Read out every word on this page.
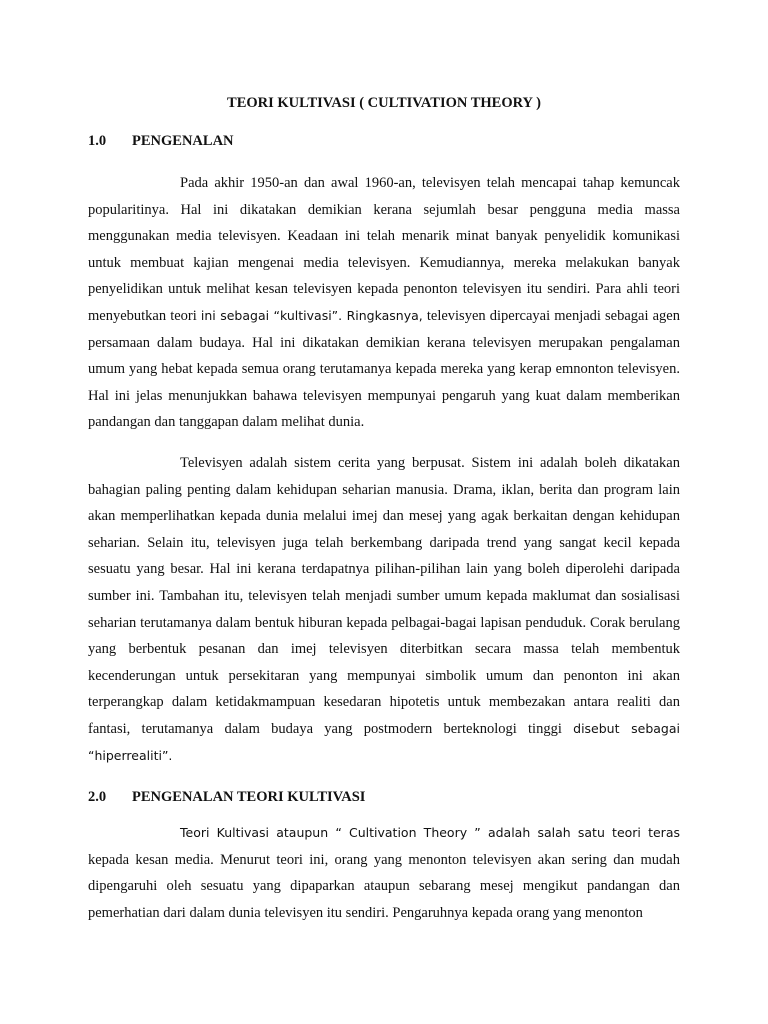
TEORI KULTIVASI ( CULTIVATION THEORY )
1.0 PENGENALAN

Pada akhir 1950-an dan awal 1960-an, televisyen telah mencapai tahap kemuncak popularitinya. Hal ini dikatakan demikian kerana sejumlah besar pengguna media massa menggunakan media televisyen. Keadaan ini telah menarik minat banyak penyelidik komunikasi untuk membuat kajian mengenai media televisyen. Kemudiannya, mereka melakukan banyak penyelidikan untuk melihat kesan televisyen kepada penonton televisyen itu sendiri. Para ahli teori menyebutkan teori ini sebagai “kultivasi”. Ringkasnya, televisyen dipercayai menjadi sebagai agen persamaan dalam budaya. Hal ini dikatakan demikian kerana televisyen merupakan pengalaman umum yang hebat kepada semua orang terutamanya kepada mereka yang kerap emnonton televisyen. Hal ini jelas menunjukkan bahawa televisyen mempunyai pengaruh yang kuat dalam memberikan pandangan dan tanggapan dalam melihat dunia.

Televisyen adalah sistem cerita yang berpusat. Sistem ini adalah boleh dikatakan bahagian paling penting dalam kehidupan seharian manusia. Drama, iklan, berita dan program lain akan memperlihatkan kepada dunia melalui imej dan mesej yang agak berkaitan dengan kehidupan seharian. Selain itu, televisyen juga telah berkembang daripada trend yang sangat kecil kepada sesuatu yang besar. Hal ini kerana terdapatnya pilihan-pilihan lain yang boleh diperolehi daripada sumber ini. Tambahan itu, televisyen telah menjadi sumber umum kepada maklumat dan sosialisasi seharian terutamanya dalam bentuk hiburan kepada pelbagai-bagai lapisan penduduk. Corak berulang yang berbentuk pesanan dan imej televisyen diterbitkan secara massa telah membentuk kecenderungan untuk persekitaran yang mempunyai simbolik umum dan penonton ini akan terperangkap dalam ketidakmampuan kesedaran hipotetis untuk membezakan antara realiti dan fantasi, terutamanya dalam budaya yang postmodern berteknologi tinggi disebut sebagai “hiperrealiti”.

2.0 PENGENALAN TEORI KULTIVASI

Teori Kultivasi ataupun “ Cultivation Theory ” adalah salah satu teori teras kepada kesan media. Menurut teori ini, orang yang menonton televisyen akan sering dan mudah dipengaruhi oleh sesuatu yang dipaparkan ataupun sebarang mesej mengikut pandangan dan pemerhatian dari dalam dunia televisyen itu sendiri. Pengaruhnya kepada orang yang menonton
